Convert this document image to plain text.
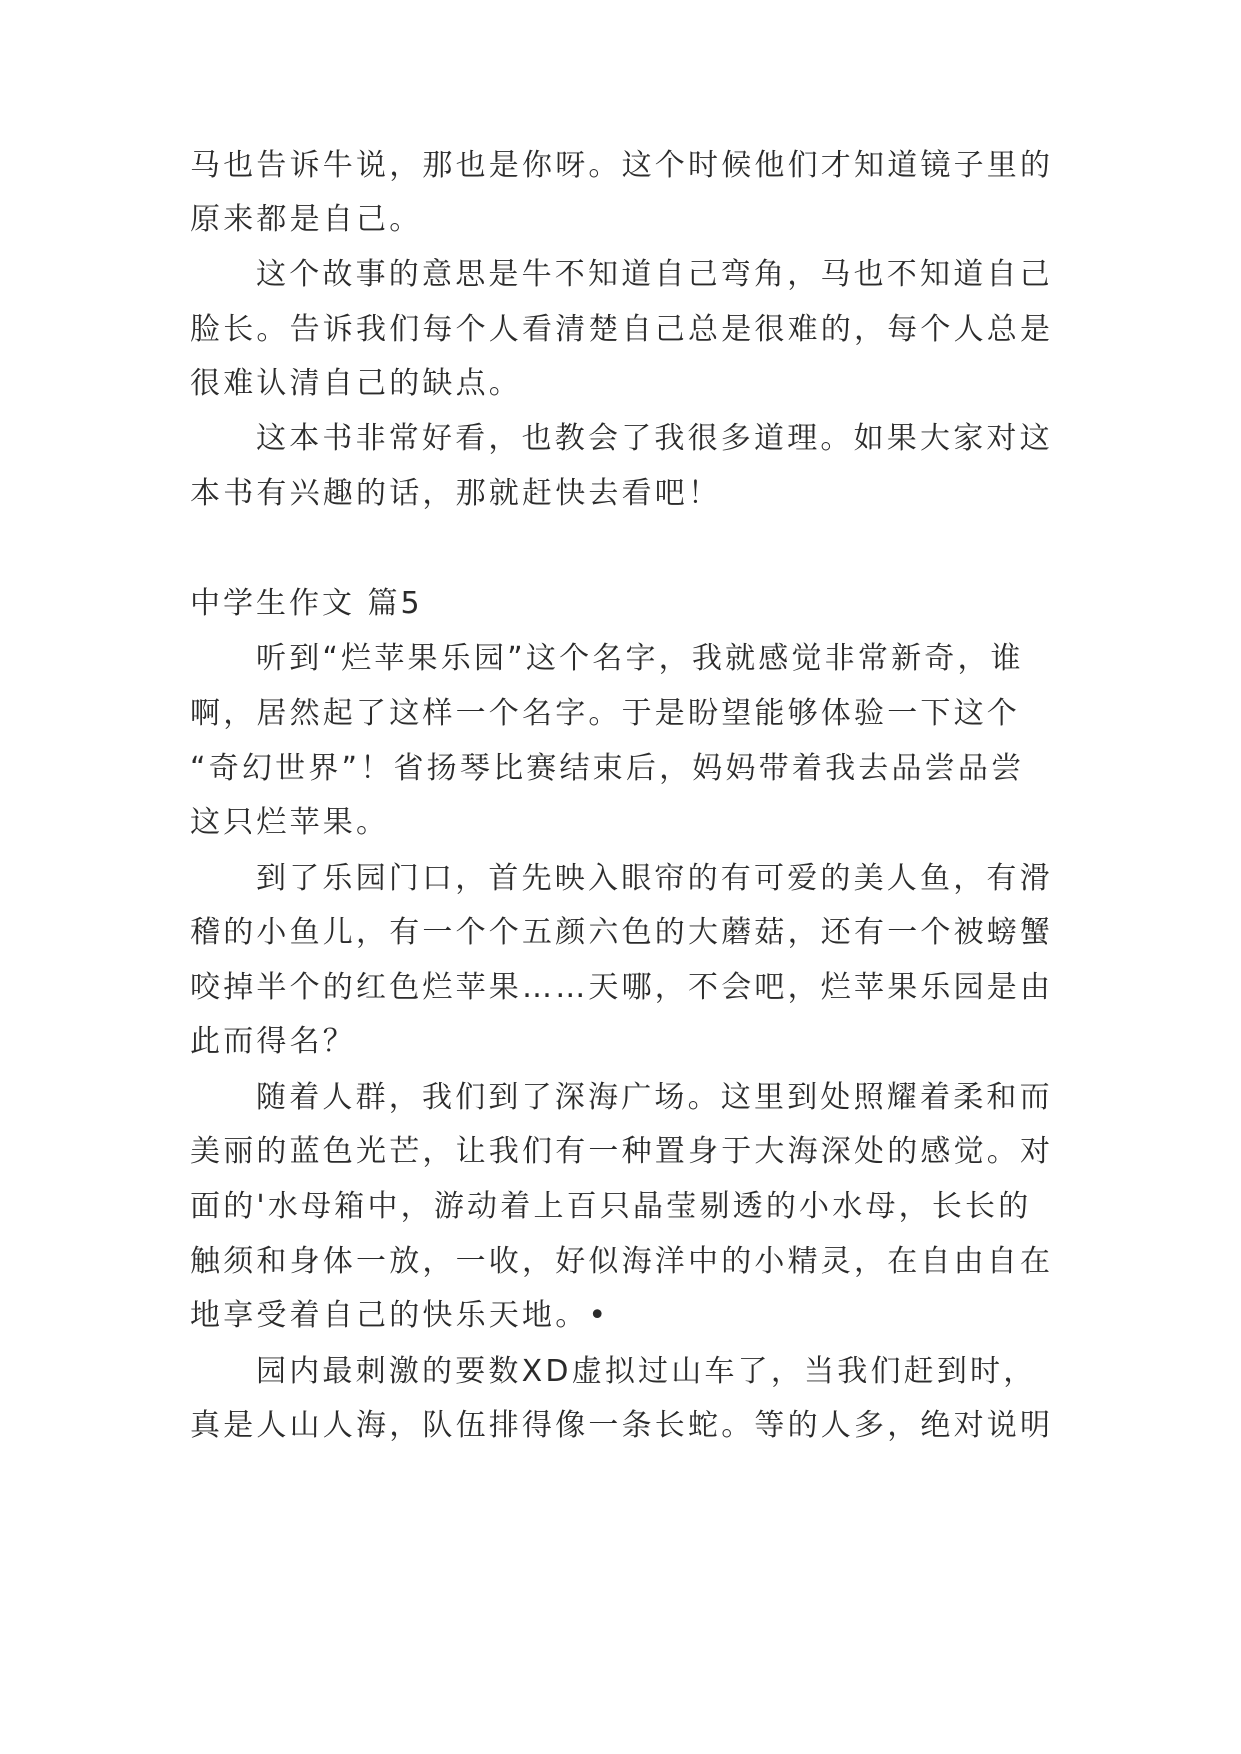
马也告诉牛说，那也是你呀。这个时候他们才知道镜子里的
原来都是自己。
这个故事的意思是牛不知道自己弯角，马也不知道自己
脸长。告诉我们每个人看清楚自己总是很难的，每个人总是
很难认清自己的缺点。
这本书非常好看，也教会了我很多道理。如果大家对这
本书有兴趣的话，那就赶快去看吧！
中学生作文 篇5
听到“烂苹果乐园”这个名字，我就感觉非常新奇，谁
啊，居然起了这样一个名字。于是盼望能够体验一下这个
“奇幻世界”！省扬琴比赛结束后，妈妈带着我去品尝品尝
这只烂苹果。
到了乐园门口，首先映入眼帘的有可爱的美人鱼，有滑
稽的小鱼儿，有一个个五颜六色的大蘑菇，还有一个被螃蟹
咬掉半个的红色烂苹果……天哪，不会吧，烂苹果乐园是由
此而得名？
随着人群，我们到了深海广场。这里到处照耀着柔和而
美丽的蓝色光芒，让我们有一种置身于大海深处的感觉。对
面的'水母箱中，游动着上百只晶莹剔透的小水母，长长的
触须和身体一放，一收，好似海洋中的小精灵，在自由自在
地享受着自己的快乐天地。•
园内最刺激的要数XD虚拟过山车了，当我们赶到时，
真是人山人海，队伍排得像一条长蛇。等的人多，绝对说明
